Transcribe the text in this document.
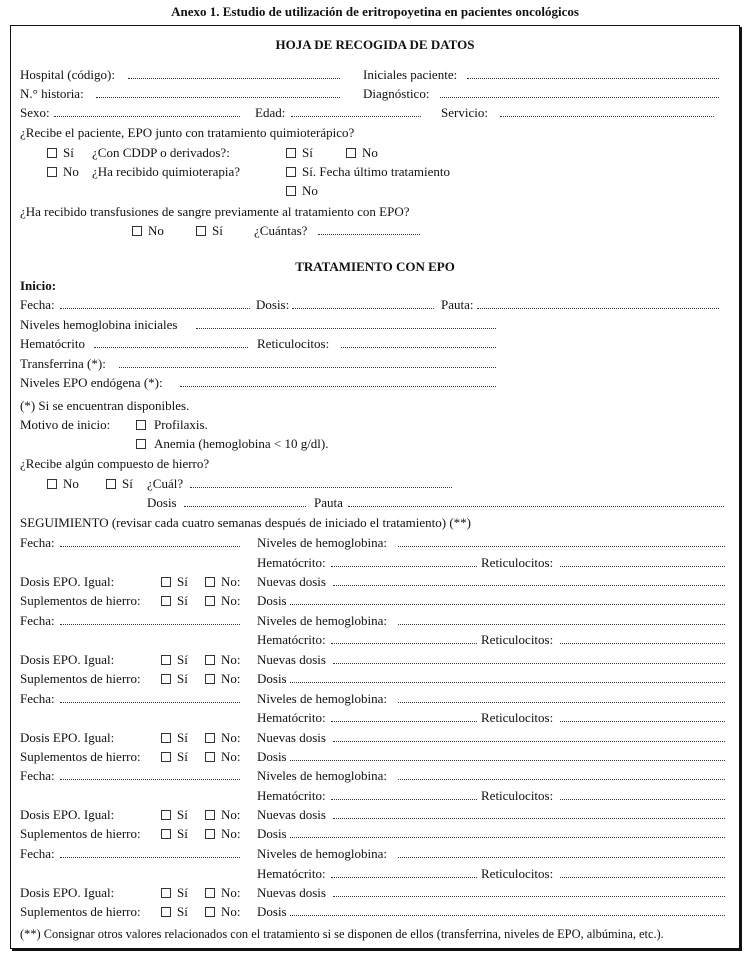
Anexo 1. Estudio de utilización de eritropoyetina en pacientes oncológicos
HOJA DE RECOGIDA DE DATOS
Hospital (código):	Iniciales paciente:
N.° historia:	Diagnóstico:
Sexo:	Edad:	Servicio:
¿Recibe el paciente, EPO junto con tratamiento quimioterápico?
Sí ¿Con CDDP o derivados?:	Sí	No
No ¿Ha recibido quimioterapia?	Sí. Fecha último tratamiento
No
¿Ha recibido transfusiones de sangre previamente al tratamiento con EPO?
No	Sí ¿Cuántas?
TRATAMIENTO CON EPO
Inicio:
Fecha:	Dosis:	Pauta:
Niveles hemoglobina iniciales
Hematócrito	Reticulocitos:
Transferrina (*):
Niveles EPO endógena (*):
(*) Si se encuentran disponibles.
Motivo de inicio:	Profilaxis.
Anemia (hemoglobina < 10 g/dl).
¿Recibe algún compuesto de hierro?
No	Sí ¿Cuál?
Dosis	Pauta
SEGUIMIENTO (revisar cada cuatro semanas después de iniciado el tratamiento) (**)
Fecha:	Niveles de hemoglobina:
Hematócrito:	Reticulocitos:
Dosis EPO. Igual:	Sí	No: Nuevas dosis
Suplementos de hierro:	Sí	No: Dosis
Fecha:	Niveles de hemoglobina:
Hematócrito:	Reticulocitos:
Dosis EPO. Igual:	Sí	No: Nuevas dosis
Suplementos de hierro:	Sí	No: Dosis
Fecha:	Niveles de hemoglobina:
Hematócrito:	Reticulocitos:
Dosis EPO. Igual:	Sí	No: Nuevas dosis
Suplementos de hierro:	Sí	No: Dosis
Fecha:	Niveles de hemoglobina:
Hematócrito:	Reticulocitos:
Dosis EPO. Igual:	Sí	No: Nuevas dosis
Suplementos de hierro:	Sí	No: Dosis
Fecha:	Niveles de hemoglobina:
Hematócrito:	Reticulocitos:
Dosis EPO. Igual:	Sí	No: Nuevas dosis
Suplementos de hierro:	Sí	No: Dosis
(**) Consignar otros valores relacionados con el tratamiento si se disponen de ellos (transferrina, niveles de EPO, albúmina, etc.).
